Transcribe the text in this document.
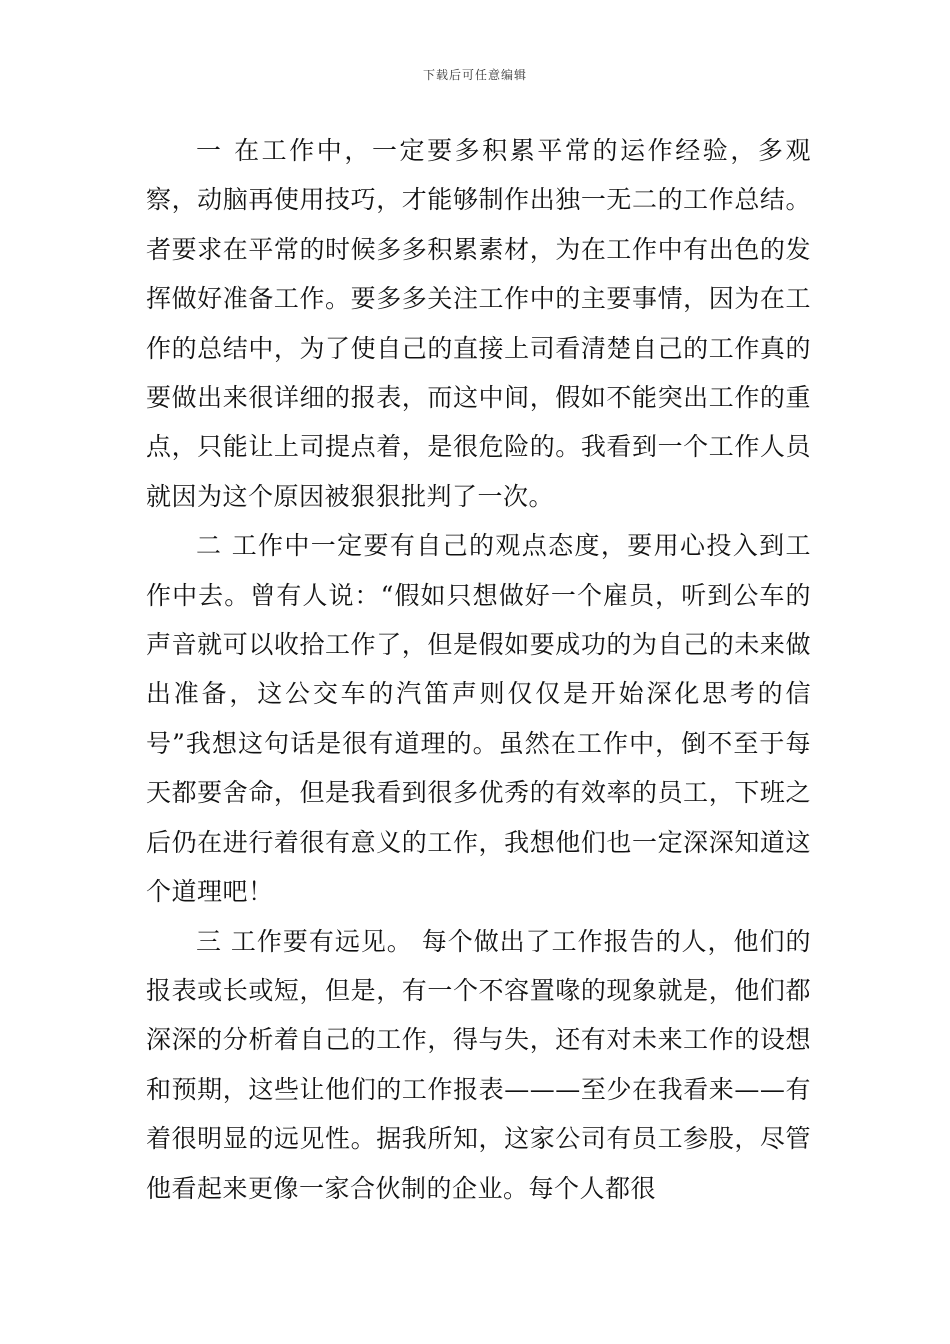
下载后可任意编辑

一 在工作中，一定要多积累平常的运作经验，多观察，动脑再使用技巧，才能够制作出独一无二的工作总结。者要求在平常的时候多多积累素材，为在工作中有出色的发挥做好准备工作。要多多关注工作中的主要事情，因为在工作的总结中，为了使自己的直接上司看清楚自己的工作真的要做出来很详细的报表，而这中间，假如不能突出工作的重点，只能让上司提点着，是很危险的。我看到一个工作人员就因为这个原因被狠狠批判了一次。

二 工作中一定要有自己的观点态度，要用心投入到工作中去。曾有人说：“假如只想做好一个雇员，听到公车的声音就可以收拾工作了，但是假如要成功的为自己的未来做出准备，这公交车的汽笛声则仅仅是开始深化思考的信号”我想这句话是很有道理的。虽然在工作中，倒不至于每天都要舍命，但是我看到很多优秀的有效率的员工，下班之后仍在进行着很有意义的工作，我想他们也一定深深知道这个道理吧！

三 工作要有远见。 每个做出了工作报告的人，他们的报表或长或短，但是，有一个不容置喙的现象就是，他们都深深的分析着自己的工作，得与失，还有对未来工作的设想和预期，这些让他们的工作报表———至少在我看来——有着很明显的远见性。据我所知，这家公司有员工参股，尽管他看起来更像一家合伙制的企业。每个人都很
